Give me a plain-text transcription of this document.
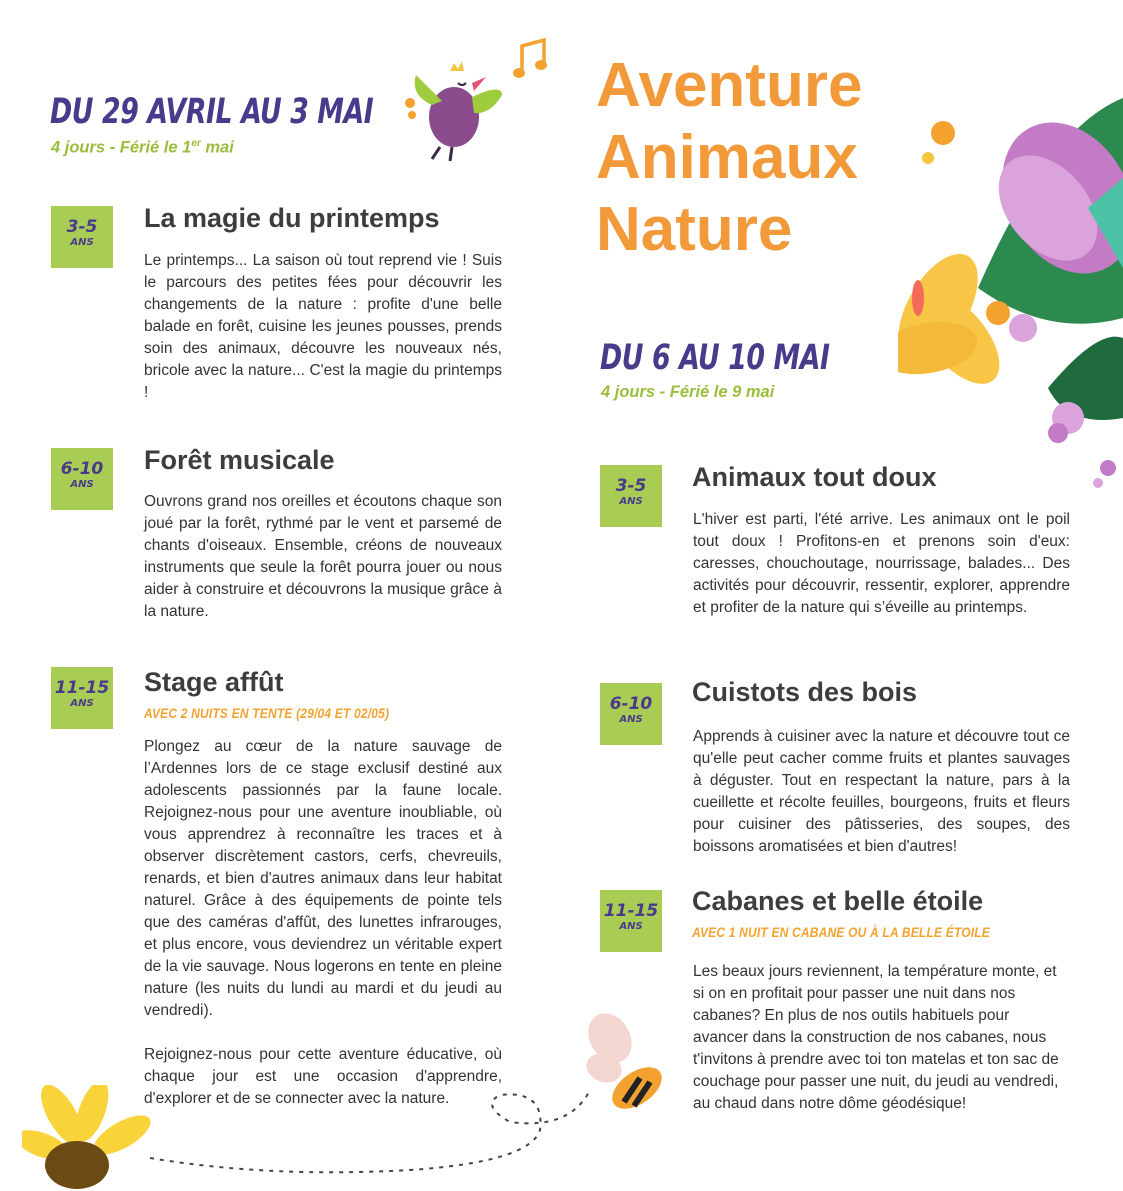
DU 29 AVRIL AU 3 MAI
4 jours - Férié le 1er mai
Aventure
Animaux
Nature
DU 6 AU 10 MAI
4 jours - Férié le 9 mai
3-5
ANS
La magie du printemps
Le printemps... La saison où tout reprend vie ! Suis le parcours des petites fées pour découvrir les changements de la nature : profite d'une belle balade en forêt, cuisine les jeunes pousses, prends soin des animaux, découvre les nouveaux nés, bricole avec la nature... C'est la magie du printemps !
6-10
ANS
Forêt musicale
Ouvrons grand nos oreilles et écoutons chaque son joué par la forêt, rythmé par le vent et parsemé de chants d'oiseaux. Ensemble, créons de nouveaux instruments que seule la forêt pourra jouer ou nous aider à construire et découvrons la musique grâce à la nature.
11-15
ANS
Stage affût
AVEC 2 NUITS EN TENTE (29/04 ET 02/05)
Plongez au cœur de la nature sauvage de l’Ardennes lors de ce stage exclusif destiné aux adolescents passionnés par la faune locale. Rejoignez-nous pour une aventure inoubliable, où vous apprendrez à reconnaître les traces et à observer discrètement castors, cerfs, chevreuils, renards, et bien d'autres animaux dans leur habitat naturel. Grâce à des équipements de pointe tels que des caméras d'affût, des lunettes infrarouges, et plus encore, vous deviendrez un véritable expert de la vie sauvage. Nous logerons en tente en pleine nature (les nuits du lundi au mardi et du jeudi au vendredi).
Rejoignez-nous pour cette aventure éducative, où chaque jour est une occasion d'apprendre, d'explorer et de se connecter avec la nature.
3-5
ANS
Animaux tout doux
L'hiver est parti, l'été arrive. Les animaux ont le poil tout doux ! Profitons-en et prenons soin d'eux: caresses, chouchoutage, nourrissage, balades... Des activités pour découvrir, ressentir, explorer, apprendre et profiter de la nature qui s’éveille au printemps.
6-10
ANS
Cuistots des bois
Apprends à cuisiner avec la nature et découvre tout ce qu'elle peut cacher comme fruits et plantes sauvages à déguster. Tout en respectant la nature, pars à la cueillette et récolte feuilles, bourgeons, fruits et fleurs pour cuisiner des pâtisseries, des soupes, des boissons aromatisées et bien d'autres!
11-15
ANS
Cabanes et belle étoile
AVEC 1 NUIT EN CABANE OU À LA BELLE ÉTOILE
Les beaux jours reviennent, la température monte, et si on en profitait pour passer une nuit dans nos cabanes? En plus de nos outils habituels pour avancer dans la construction de nos cabanes, nous t'invitons à prendre avec toi ton matelas et ton sac de couchage pour passer une nuit, du jeudi au vendredi, au chaud dans notre dôme géodésique!
